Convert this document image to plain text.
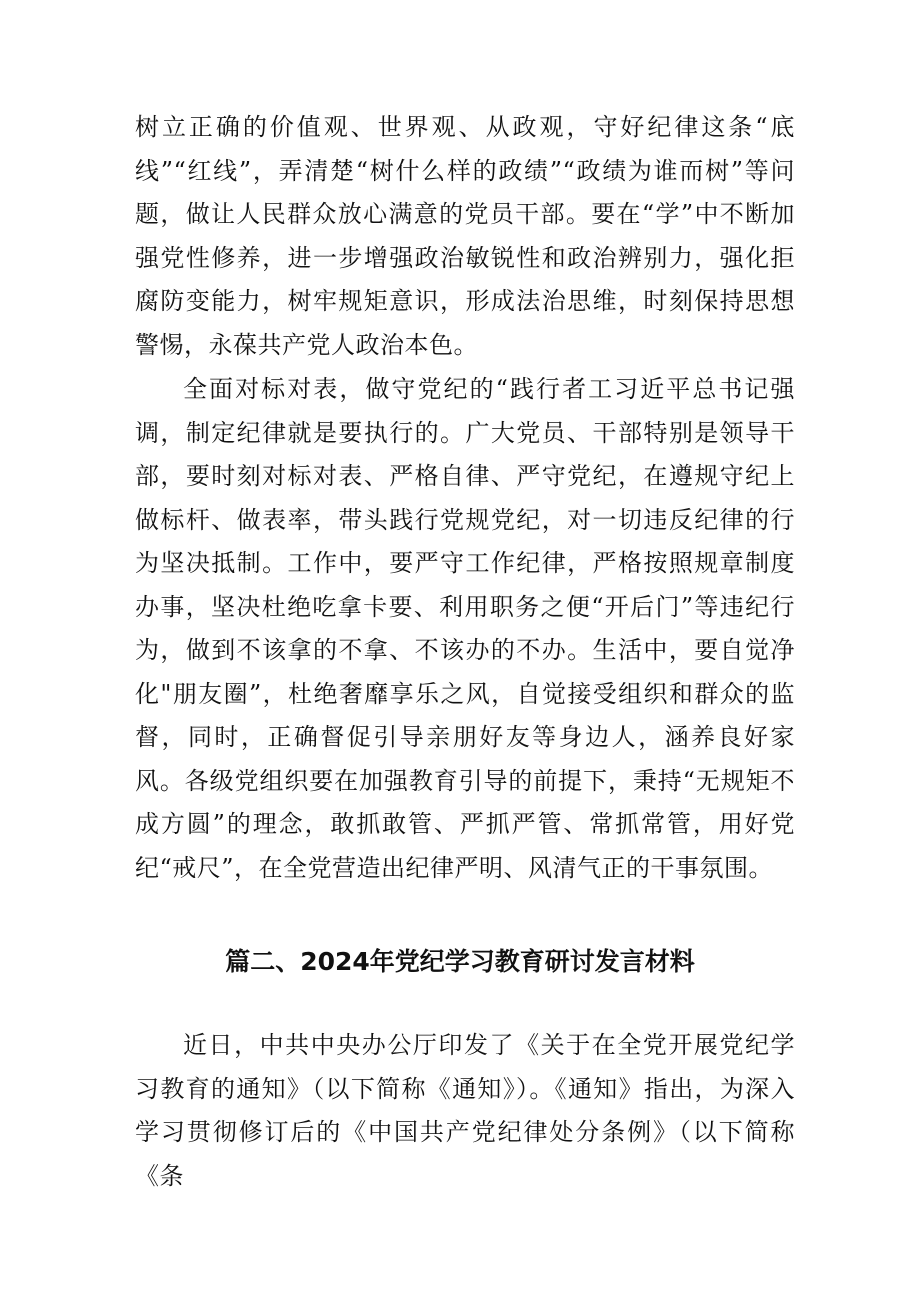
树立正确的价值观、世界观、从政观，守好纪律这条“底线”“红线”，弄清楚“树什么样的政绩”“政绩为谁而树”等问题，做让人民群众放心满意的党员干部。要在“学”中不断加强党性修养，进一步增强政治敏锐性和政治辨别力，强化拒腐防变能力，树牢规矩意识，形成法治思维，时刻保持思想警惕，永葆共产党人政治本色。

全面对标对表，做守党纪的“践行者工习近平总书记强调，制定纪律就是要执行的。广大党员、干部特别是领导干部，要时刻对标对表、严格自律、严守党纪，在遵规守纪上做标杆、做表率，带头践行党规党纪，对一切违反纪律的行为坚决抵制。工作中，要严守工作纪律，严格按照规章制度办事，坚决杜绝吃拿卡要、利用职务之便“开后门”等违纪行为，做到不该拿的不拿、不该办的不办。生活中，要自觉净化"朋友圈”，杜绝奢靡享乐之风，自觉接受组织和群众的监督，同时，正确督促引导亲朋好友等身边人，涵养良好家风。各级党组织要在加强教育引导的前提下，秉持“无规矩不成方圆”的理念，敢抓敢管、严抓严管、常抓常管，用好党纪“戒尺”，在全党营造出纪律严明、风清气正的干事氛围。

篇二、2024年党纪学习教育研讨发言材料

近日，中共中央办公厅印发了《关于在全党开展党纪学习教育的通知》（以下简称《通知》）。《通知》指出，为深入学习贯彻修订后的《中国共产党纪律处分条例》（以下简称《条
